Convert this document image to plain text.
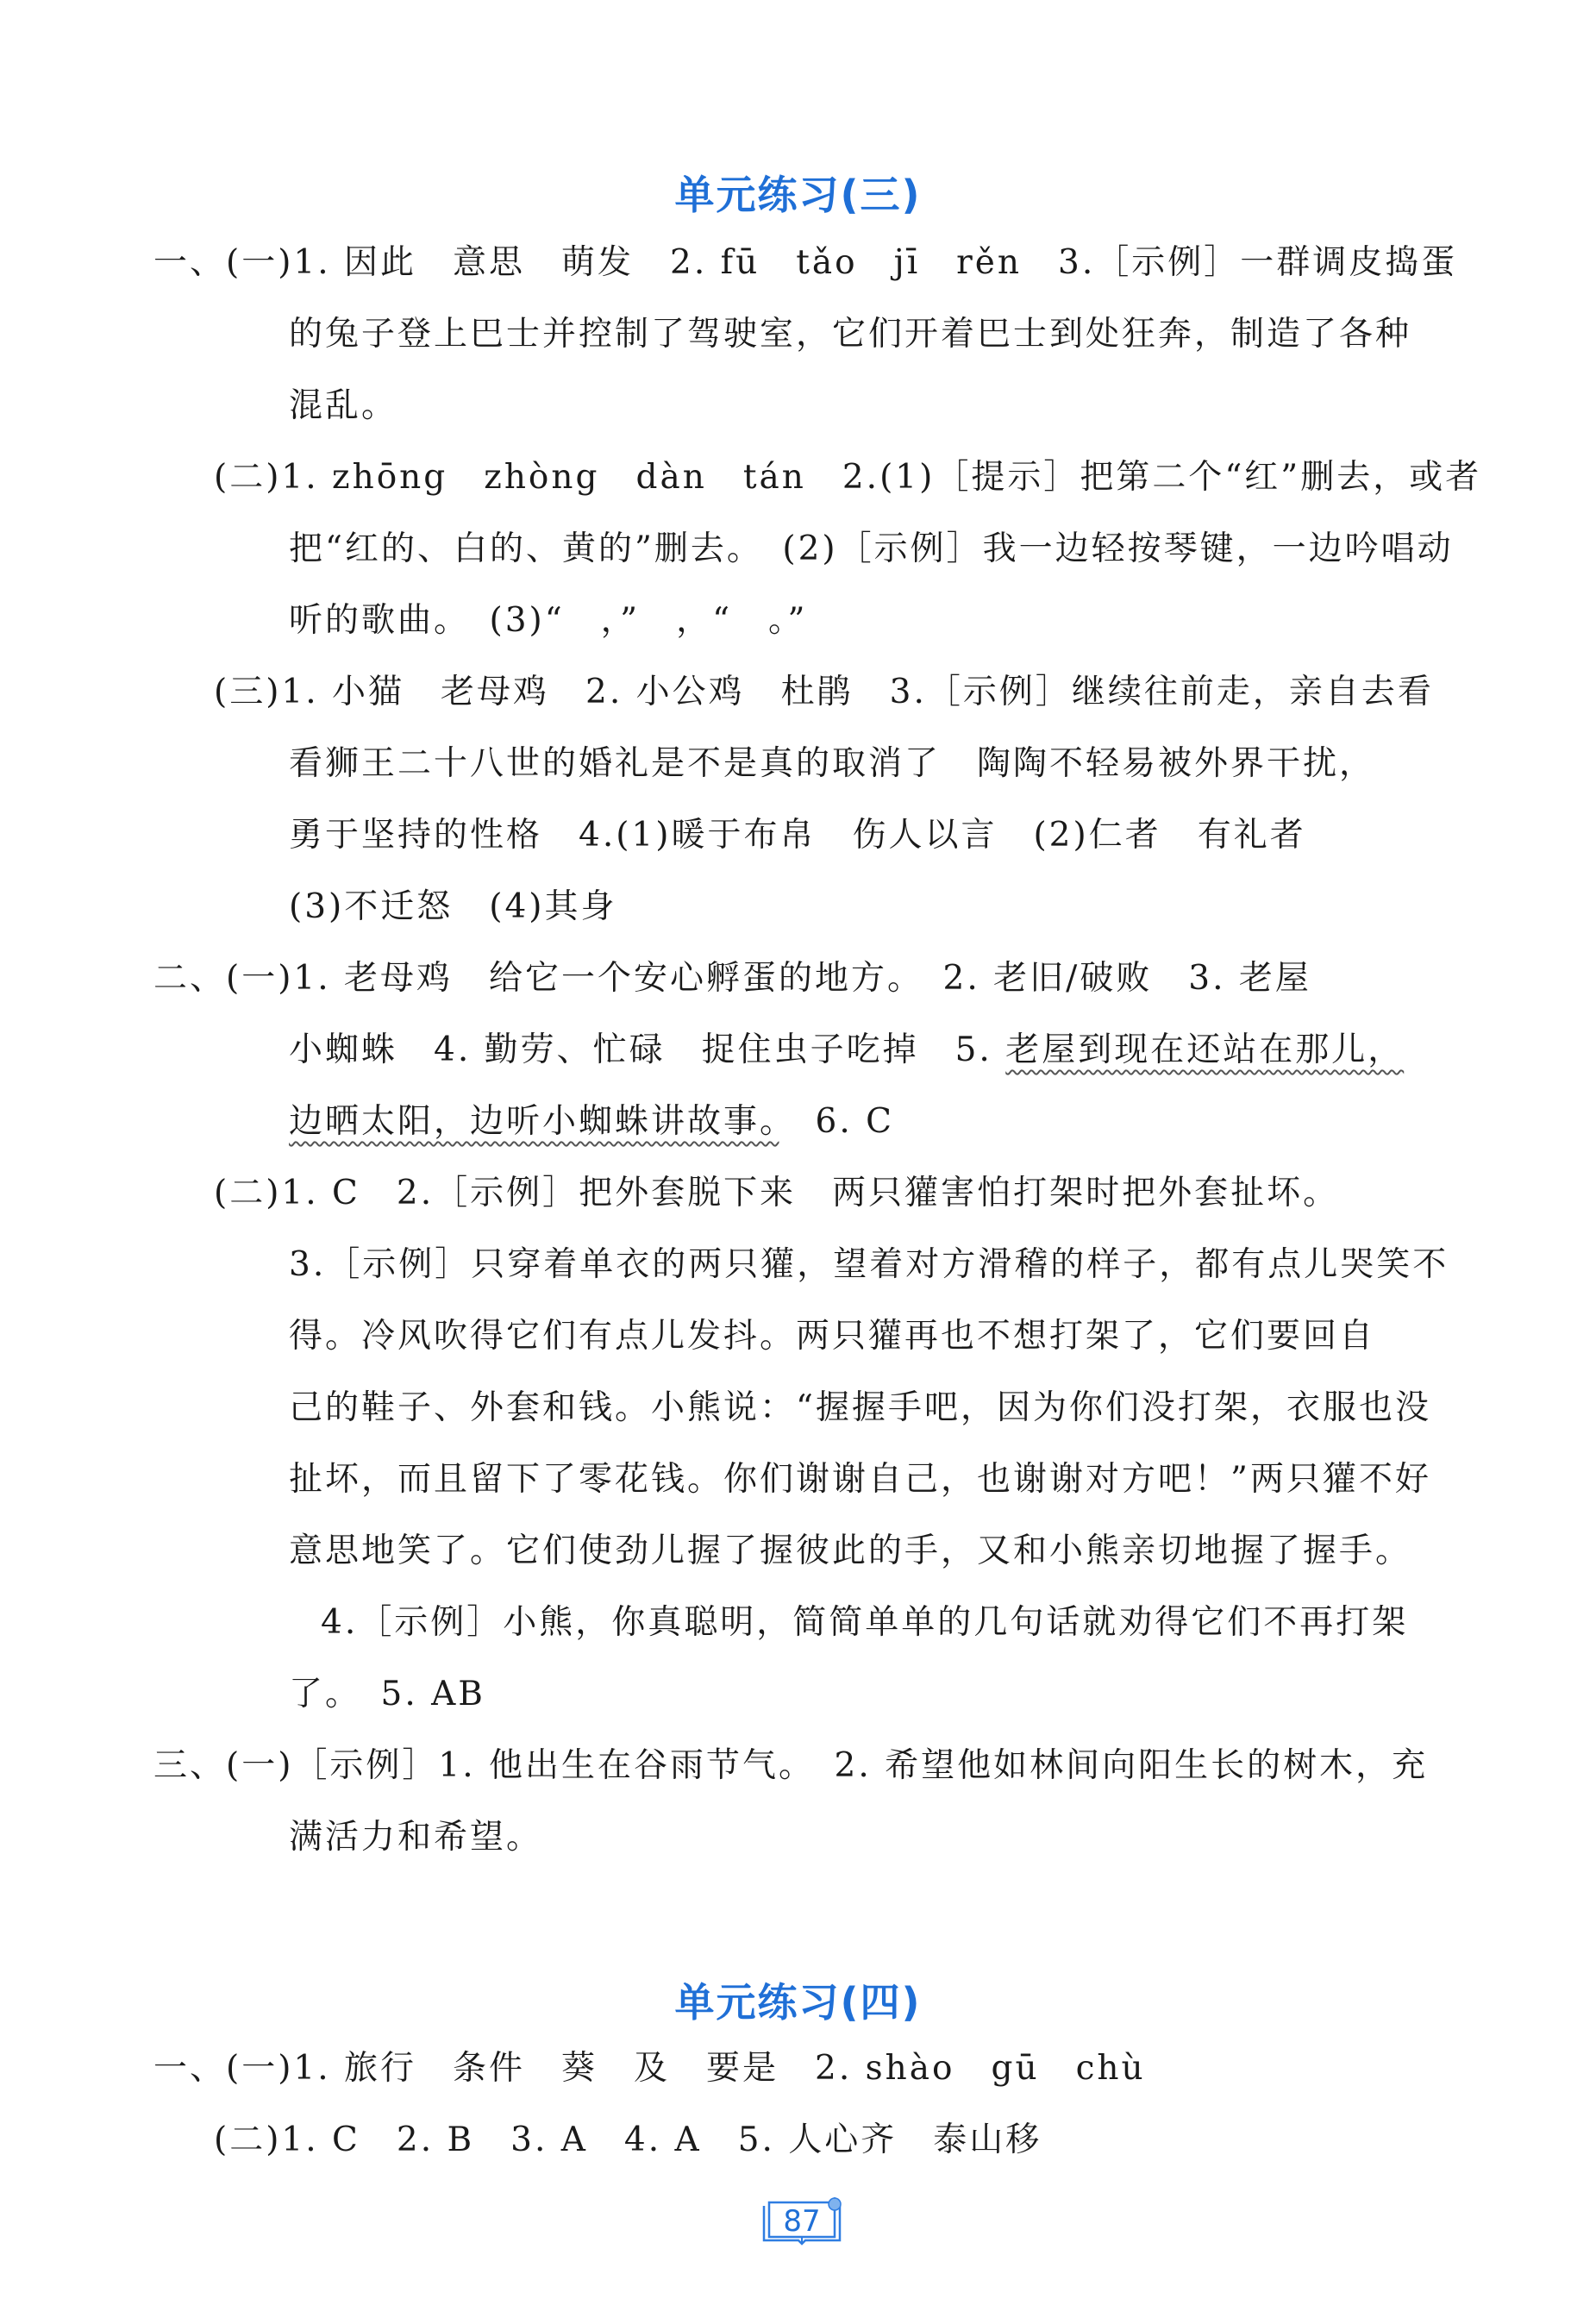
单元练习(三)
一、(一)1. 因此　意思　萌发　2. fū　tǎo　jī　rěn　3.［示例］一群调皮捣蛋
的兔子登上巴士并控制了驾驶室，它们开着巴士到处狂奔，制造了各种
混乱。
(二)1. zhōng　zhòng　dàn　tán　2.(1)［提示］把第二个“红”删去，或者
把“红的、白的、黄的”删去。　(2)［示例］我一边轻按琴键，一边吟唱动
听的歌曲。　(3)“　，”　，“　。”
(三)1. 小猫　老母鸡　2. 小公鸡　杜鹃　3.［示例］继续往前走，亲自去看
看狮王二十八世的婚礼是不是真的取消了　陶陶不轻易被外界干扰，
勇于坚持的性格　4.(1)暖于布帛　伤人以言　(2)仁者　有礼者
(3)不迁怒　(4)其身
二、(一)1. 老母鸡　给它一个安心孵蛋的地方。　2. 老旧/破败　3. 老屋
小蜘蛛　4. 勤劳、忙碌　捉住虫子吃掉　5. 老屋到现在还站在那儿，
边晒太阳，边听小蜘蛛讲故事。　6. C
(二)1. C　2.［示例］把外套脱下来　两只獾害怕打架时把外套扯坏。
3.［示例］只穿着单衣的两只獾，望着对方滑稽的样子，都有点儿哭笑不
得。冷风吹得它们有点儿发抖。两只獾再也不想打架了，它们要回自
己的鞋子、外套和钱。小熊说：“握握手吧，因为你们没打架，衣服也没
扯坏，而且留下了零花钱。你们谢谢自己，也谢谢对方吧！”两只獾不好
意思地笑了。它们使劲儿握了握彼此的手，又和小熊亲切地握了握手。
4.［示例］小熊，你真聪明，简简单单的几句话就劝得它们不再打架
了。　5. AB
三、(一)［示例］1. 他出生在谷雨节气。　2. 希望他如林间向阳生长的树木，充
满活力和希望。
单元练习(四)
一、(一)1. 旅行　条件　葵　及　要是　2. shào　gū　chù
(二)1. C　2. B　3. A　4. A　5. 人心齐　泰山移
87
